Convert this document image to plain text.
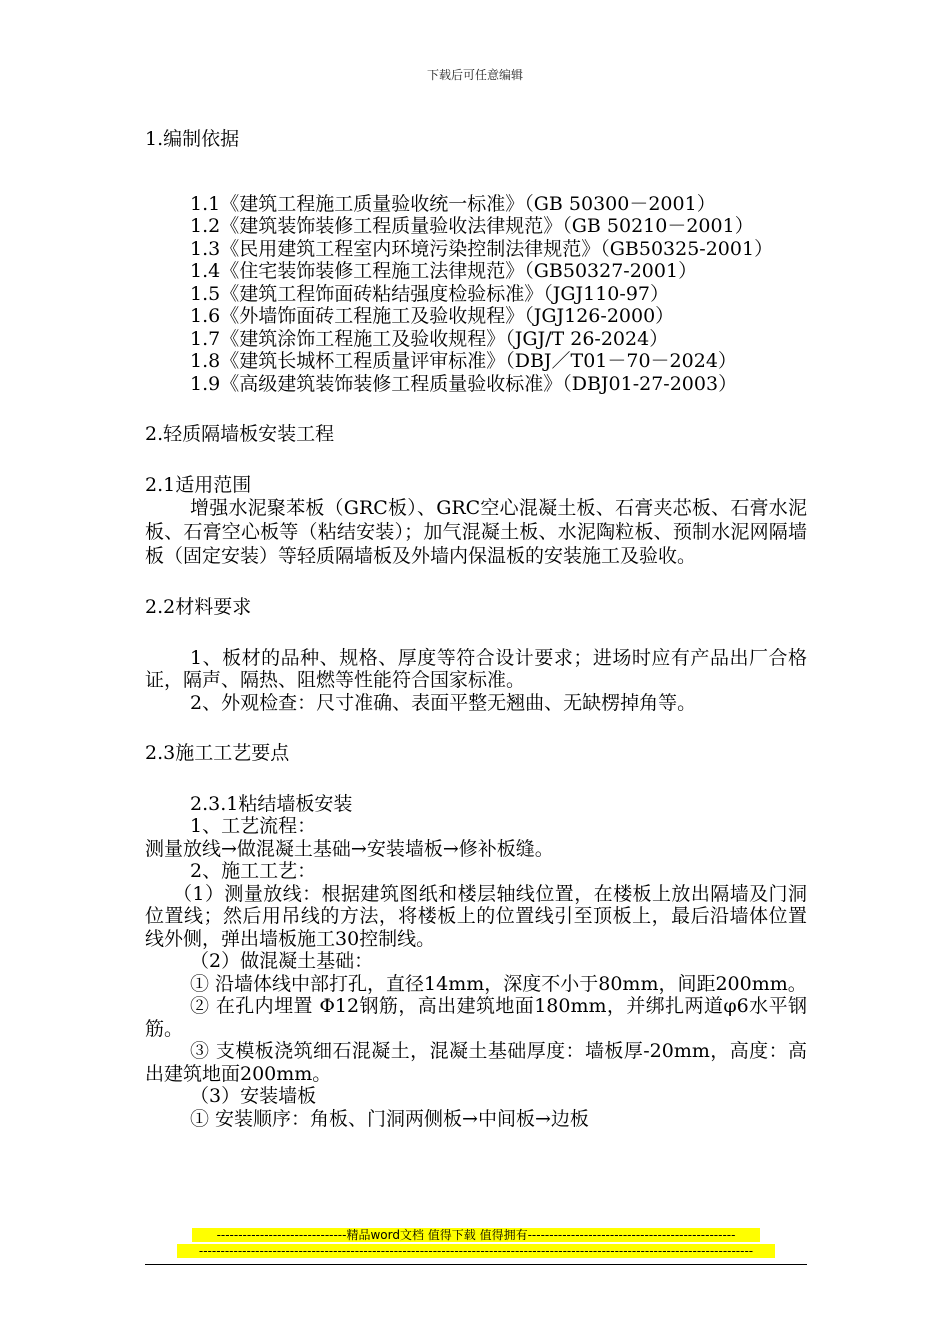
下载后可任意编辑

1.编制依据

1.1《建筑工程施工质量验收统一标准》（GB 50300－2001）

1.2《建筑装饰装修工程质量验收法律规范》（GB 50210－2001）

1.3《民用建筑工程室内环境污染控制法律规范》（GB50325-2001）

1.4《住宅装饰装修工程施工法律规范》（GB50327-2001）

1.5《建筑工程饰面砖粘结强度检验标准》（JGJ110-97）

1.6《外墙饰面砖工程施工及验收规程》（JGJ126-2000）

1.7《建筑涂饰工程施工及验收规程》（JGJ/T 26-2024）

1.8《建筑长城杯工程质量评审标准》（DBJ／T01－70－2024）

1.9《高级建筑装饰装修工程质量验收标准》（DBJ01-27-2003）

2.轻质隔墙板安装工程

2.1适用范围

增强水泥聚苯板（GRC板）、GRC空心混凝土板、石膏夹芯板、石膏水泥板、石膏空心板等（粘结安装）；加气混凝土板、水泥陶粒板、预制水泥网隔墙板（固定安装）等轻质隔墙板及外墙内保温板的安装施工及验收。

2.2材料要求

1、板材的品种、规格、厚度等符合设计要求；进场时应有产品出厂合格证，隔声、隔热、阻燃等性能符合国家标准。

2、外观检查：尺寸准确、表面平整无翘曲、无缺楞掉角等。

2.3施工工艺要点

2.3.1粘结墙板安装

1、工艺流程：

测量放线→做混凝土基础→安装墙板→修补板缝。

2、施工工艺：

（1）测量放线：根据建筑图纸和楼层轴线位置，在楼板上放出隔墙及门洞位置线；然后用吊线的方法，将楼板上的位置线引至顶板上，最后沿墙体位置线外侧，弹出墙板施工30控制线。

（2）做混凝土基础：

① 沿墙体线中部打孔，直径14mm，深度不小于80mm，间距200mm。

② 在孔内埋置 Φ12钢筋，高出建筑地面180mm，并绑扎两道φ6水平钢筋。

③ 支模板浇筑细石混凝土，混凝土基础厚度：墙板厚-20mm，高度：高出建筑地面200mm。

（3）安装墙板

① 安装顺序：角板、门洞两侧板→中间板→边板

------------------------------精品word文档 值得下载 值得拥有------------------------------------------------
--------------------------------------------------------------------------------------------------------------------------------
